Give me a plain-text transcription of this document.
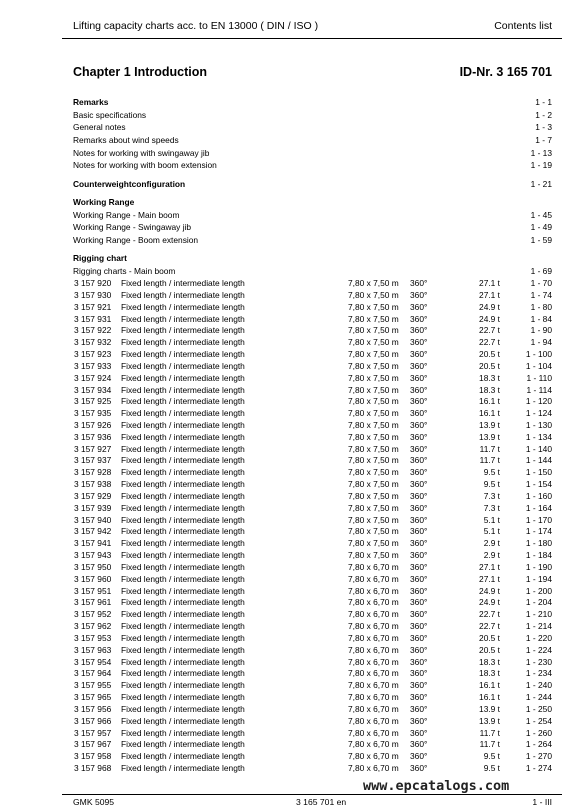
Lifting capacity charts acc. to EN 13000 ( DIN / ISO )	Contents list
Chapter 1 Introduction	ID-Nr. 3 165 701
Remarks	1 - 1
Basic specifications	1 - 2
General notes	1 - 3
Remarks about wind speeds	1 - 7
Notes for working with swingaway jib	1 - 13
Notes for working with boom extension	1 - 19
Counterweightconfiguration	1 - 21
Working Range
Working Range - Main boom	1 - 45
Working Range - Swingaway jib	1 - 49
Working Range - Boom extension	1 - 59
Rigging chart
Rigging charts - Main boom	1 - 69
3 157 920 Fixed length / intermediate length	7,80 x 7,50 m 360°	27.1 t	1 - 70
3 157 930 Fixed length / intermediate length	7,80 x 7,50 m 360°	27.1 t	1 - 74
3 157 921 Fixed length / intermediate length	7,80 x 7,50 m 360°	24.9 t	1 - 80
3 157 931 Fixed length / intermediate length	7,80 x 7,50 m 360°	24.9 t	1 - 84
3 157 922 Fixed length / intermediate length	7,80 x 7,50 m 360°	22.7 t	1 - 90
3 157 932 Fixed length / intermediate length	7,80 x 7,50 m 360°	22.7 t	1 - 94
3 157 923 Fixed length / intermediate length	7,80 x 7,50 m 360°	20.5 t	1 - 100
3 157 933 Fixed length / intermediate length	7,80 x 7,50 m 360°	20.5 t	1 - 104
3 157 924 Fixed length / intermediate length	7,80 x 7,50 m 360°	18.3 t	1 - 110
3 157 934 Fixed length / intermediate length	7,80 x 7,50 m 360°	18.3 t	1 - 114
3 157 925 Fixed length / intermediate length	7,80 x 7,50 m 360°	16.1 t	1 - 120
3 157 935 Fixed length / intermediate length	7,80 x 7,50 m 360°	16.1 t	1 - 124
3 157 926 Fixed length / intermediate length	7,80 x 7,50 m 360°	13.9 t	1 - 130
3 157 936 Fixed length / intermediate length	7,80 x 7,50 m 360°	13.9 t	1 - 134
3 157 927 Fixed length / intermediate length	7,80 x 7,50 m 360°	11.7 t	1 - 140
3 157 937 Fixed length / intermediate length	7,80 x 7,50 m 360°	11.7 t	1 - 144
3 157 928 Fixed length / intermediate length	7,80 x 7,50 m 360°	9.5 t	1 - 150
3 157 938 Fixed length / intermediate length	7,80 x 7,50 m 360°	9.5 t	1 - 154
3 157 929 Fixed length / intermediate length	7,80 x 7,50 m 360°	7.3 t	1 - 160
3 157 939 Fixed length / intermediate length	7,80 x 7,50 m 360°	7.3 t	1 - 164
3 157 940 Fixed length / intermediate length	7,80 x 7,50 m 360°	5.1 t	1 - 170
3 157 942 Fixed length / intermediate length	7,80 x 7,50 m 360°	5.1 t	1 - 174
3 157 941 Fixed length / intermediate length	7,80 x 7,50 m 360°	2.9 t	1 - 180
3 157 943 Fixed length / intermediate length	7,80 x 7,50 m 360°	2.9 t	1 - 184
3 157 950 Fixed length / intermediate length	7,80 x 6,70 m 360°	27.1 t	1 - 190
3 157 960 Fixed length / intermediate length	7,80 x 6,70 m 360°	27.1 t	1 - 194
3 157 951 Fixed length / intermediate length	7,80 x 6,70 m 360°	24.9 t	1 - 200
3 157 961 Fixed length / intermediate length	7,80 x 6,70 m 360°	24.9 t	1 - 204
3 157 952 Fixed length / intermediate length	7,80 x 6,70 m 360°	22.7 t	1 - 210
3 157 962 Fixed length / intermediate length	7,80 x 6,70 m 360°	22.7 t	1 - 214
3 157 953 Fixed length / intermediate length	7,80 x 6,70 m 360°	20.5 t	1 - 220
3 157 963 Fixed length / intermediate length	7,80 x 6,70 m 360°	20.5 t	1 - 224
3 157 954 Fixed length / intermediate length	7,80 x 6,70 m 360°	18.3 t	1 - 230
3 157 964 Fixed length / intermediate length	7,80 x 6,70 m 360°	18.3 t	1 - 234
3 157 955 Fixed length / intermediate length	7,80 x 6,70 m 360°	16.1 t	1 - 240
3 157 965 Fixed length / intermediate length	7,80 x 6,70 m 360°	16.1 t	1 - 244
3 157 956 Fixed length / intermediate length	7,80 x 6,70 m 360°	13.9 t	1 - 250
3 157 966 Fixed length / intermediate length	7,80 x 6,70 m 360°	13.9 t	1 - 254
3 157 957 Fixed length / intermediate length	7,80 x 6,70 m 360°	11.7 t	1 - 260
3 157 967 Fixed length / intermediate length	7,80 x 6,70 m 360°	11.7 t	1 - 264
3 157 958 Fixed length / intermediate length	7,80 x 6,70 m 360°	9.5 t	1 - 270
3 157 968 Fixed length / intermediate length	7,80 x 6,70 m 360°	9.5 t	1 - 274
www.epcatalogs.com
GMK 5095	3 165 701 en	1 - III
